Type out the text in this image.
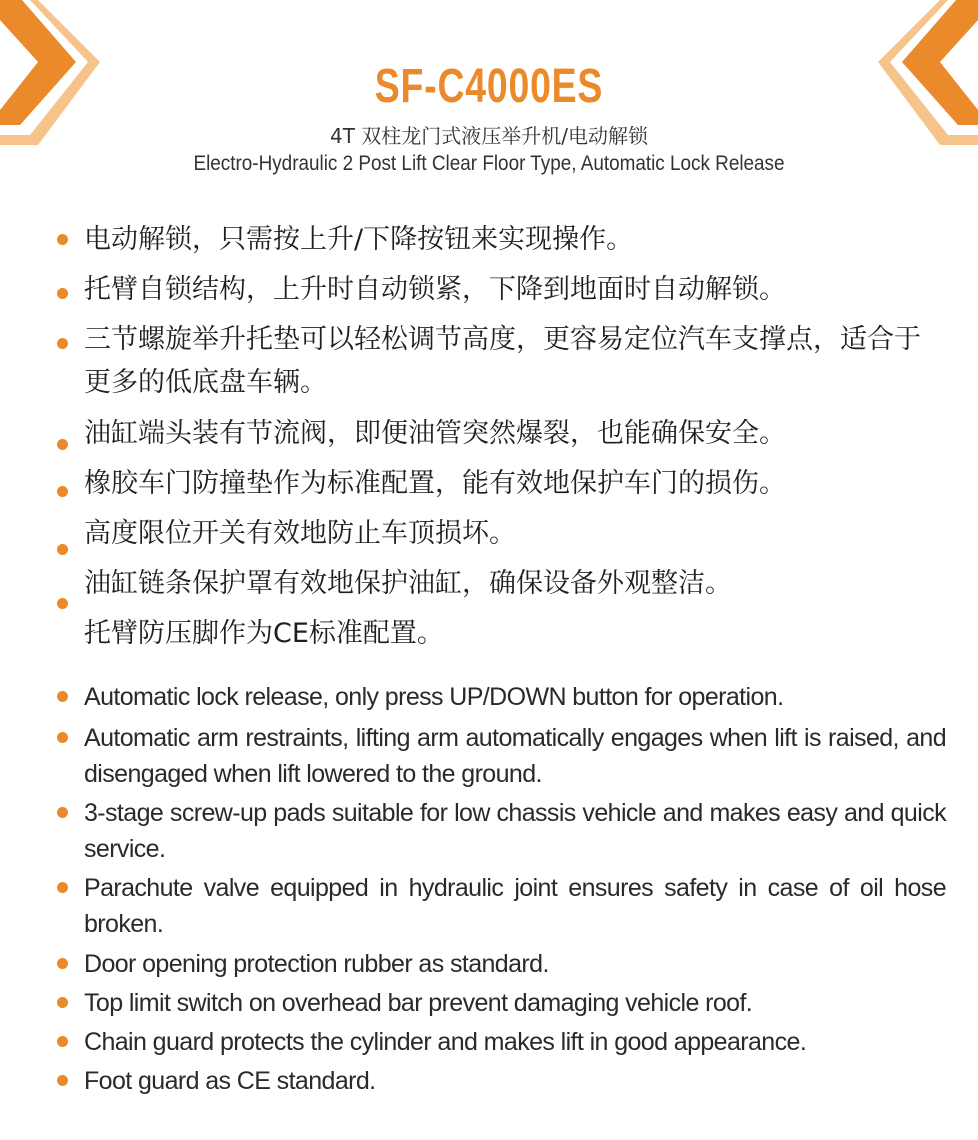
SF-C4000ES
4T 双柱龙门式液压举升机/电动解锁
Electro-Hydraulic 2 Post Lift Clear Floor Type, Automatic Lock Release
电动解锁，只需按上升/下降按钮来实现操作。
托臂自锁结构，上升时自动锁紧，下降到地面时自动解锁。
三节螺旋举升托垫可以轻松调节高度，更容易定位汽车支撑点，适合于更多的低底盘车辆。
油缸端头装有节流阀，即便油管突然爆裂，也能确保安全。
橡胶车门防撞垫作为标准配置，能有效地保护车门的损伤。
高度限位开关有效地防止车顶损坏。
油缸链条保护罩有效地保护油缸，确保设备外观整洁。
托臂防压脚作为CE标准配置。
Automatic lock release, only press UP/DOWN button for operation.
Automatic arm restraints, lifting arm automatically engages when lift is raised, and disengaged when lift lowered to the ground.
3-stage screw-up pads suitable for low chassis vehicle and makes easy and quick service.
Parachute valve equipped in hydraulic joint ensures safety in case of oil hose broken.
Door opening protection rubber as standard.
Top limit switch on overhead bar prevent damaging vehicle roof.
Chain guard protects the cylinder and makes lift in good appearance.
Foot guard as CE standard.
